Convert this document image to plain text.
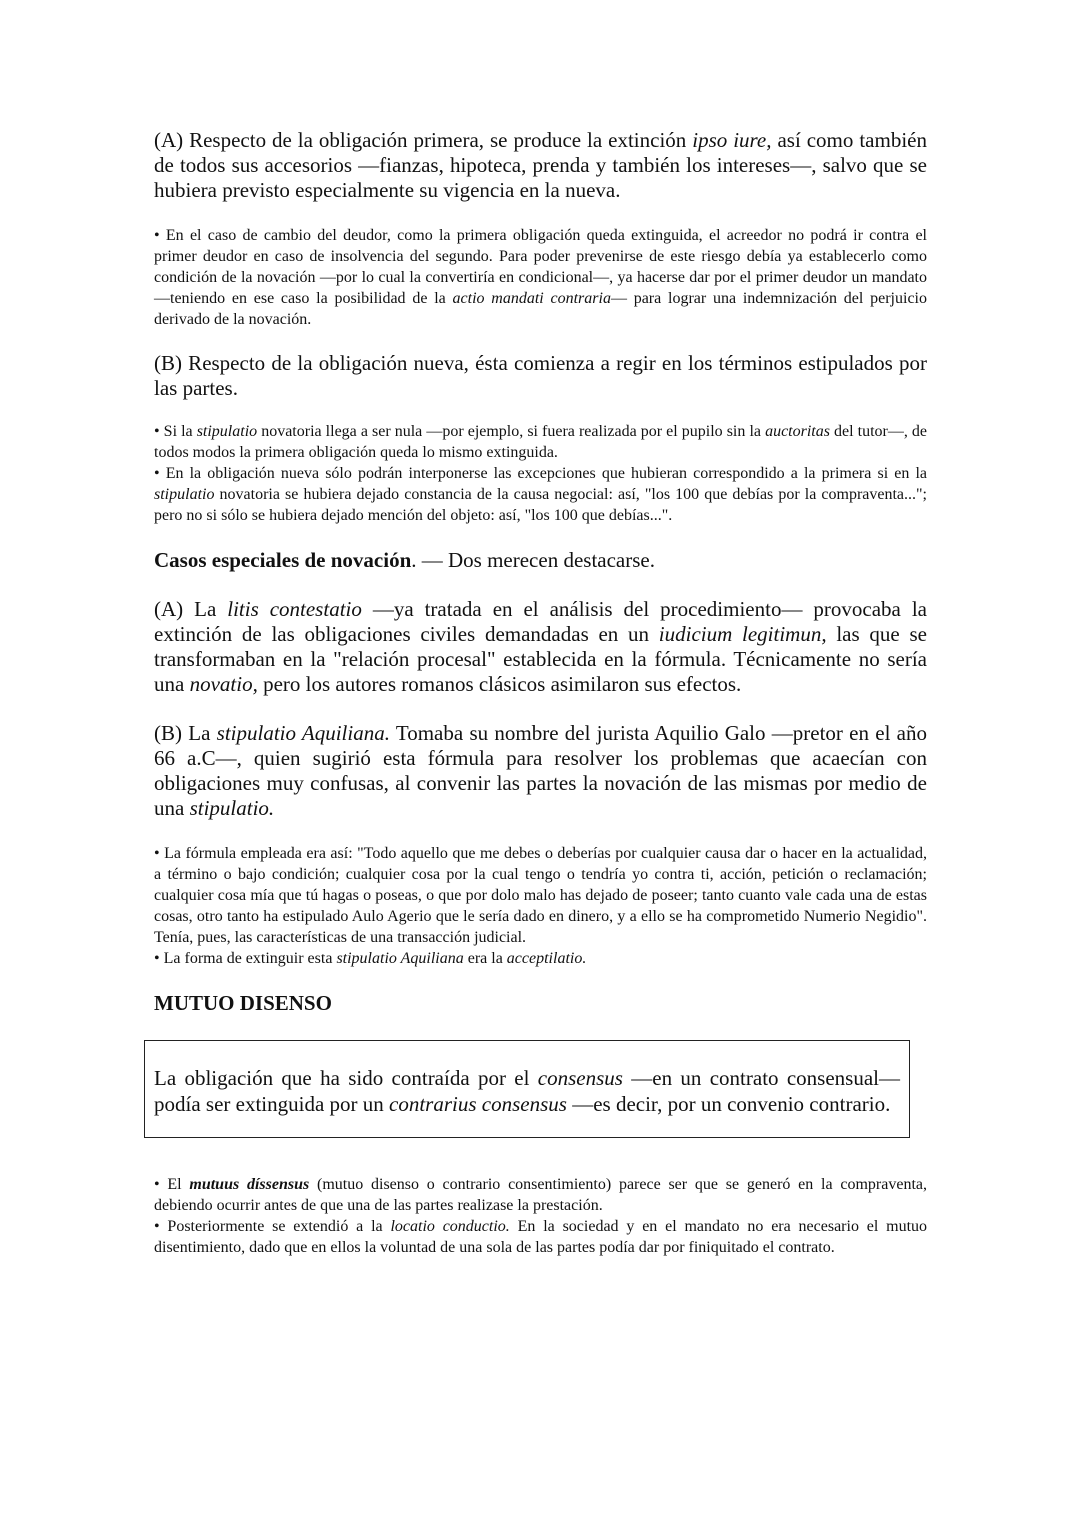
(A) Respecto de la obligación primera, se produce la extinción ipso iure, así como también de todos sus accesorios —fianzas, hipoteca, prenda y también los intereses—, salvo que se hubiera previsto especialmente su vigencia en la nueva.

• En el caso de cambio del deudor, como la primera obligación queda extinguida, el acreedor no podrá ir contra el primer deudor en caso de insolvencia del segundo. Para poder prevenirse de este riesgo debía ya establecerlo como condición de la novación —por lo cual la convertiría en condicional—, ya hacerse dar por el primer deudor un mandato —teniendo en ese caso la posibilidad de la actio mandati contraria— para lograr una indemnización del perjuicio derivado de la novación.

(B) Respecto de la obligación nueva, ésta comienza a regir en los términos estipulados por las partes.

• Si la stipulatio novatoria llega a ser nula —por ejemplo, si fuera realizada por el pupilo sin la auctoritas del tutor—, de todos modos la primera obligación queda lo mismo extinguida.

• En la obligación nueva sólo podrán interponerse las excepciones que hubieran correspondido a la primera si en la stipulatio novatoria se hubiera dejado constancia de la causa negocial: así, "los 100 que debías por la compraventa..."; pero no si sólo se hubiera dejado mención del objeto: así, "los 100 que debías...".

Casos especiales de novación. — Dos merecen destacarse.

(A) La litis contestatio —ya tratada en el análisis del procedimiento— provocaba la extinción de las obligaciones civiles demandadas en un iudicium legitimun, las que se transformaban en la "relación procesal" establecida en la fórmula. Técnicamente no sería una novatio, pero los autores romanos clásicos asimilaron sus efectos.

(B) La stipulatio Aquiliana. Tomaba su nombre del jurista Aquilio Galo —pretor en el año 66 a.C—, quien sugirió esta fórmula para resolver los problemas que acaecían con obligaciones muy confusas, al convenir las partes la novación de las mismas por medio de una stipulatio.

• La fórmula empleada era así: "Todo aquello que me debes o deberías por cualquier causa dar o hacer en la actualidad, a término o bajo condición; cualquier cosa por la cual tengo o tendría yo contra ti, acción, petición o reclamación; cualquier cosa mía que tú hagas o poseas, o que por dolo malo has dejado de poseer; tanto cuanto vale cada una de estas cosas, otro tanto ha estipulado Aulo Agerio que le sería dado en dinero, y a ello se ha comprometido Numerio Negidio". Tenía, pues, las características de una transacción judicial.

• La forma de extinguir esta stipulatio Aquiliana era la acceptilatio.

MUTUO DISENSO

La obligación que ha sido contraída por el consensus —en un contrato consensual— podía ser extinguida por un contrarius consensus —es decir, por un convenio contrario.

• El mutuus díssensus (mutuo disenso o contrario consentimiento) parece ser que se generó en la compraventa, debiendo ocurrir antes de que una de las partes realizase la prestación.

• Posteriormente se extendió a la locatio conductio. En la sociedad y en el mandato no era necesario el mutuo disentimiento, dado que en ellos la voluntad de una sola de las partes podía dar por finiquitado el contrato.
